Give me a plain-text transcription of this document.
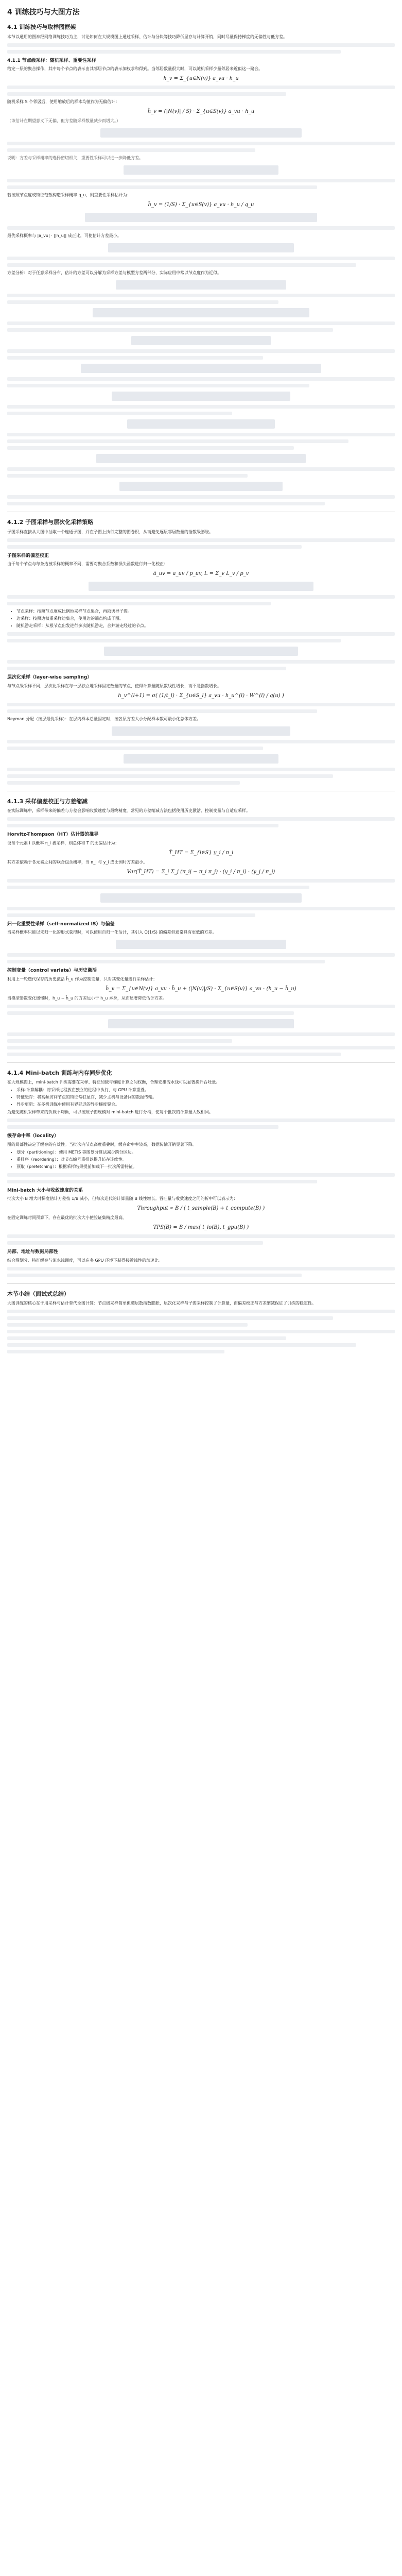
4 训练技巧与大图方法
4.1 训练技巧与取样图框架

本节以通用的图神经网络训练技巧为主，讨论如何在大规模图上通过采样、估计与分块等技巧降低显存与计算开销，同时尽量保持梯度的无偏性与低方差。

4.1.1 节点级采样：随机采样、重要性采样

给定一层的聚合操作，其中每个节点的表示由其邻居节点的表示加权求和得到。当邻居数量很大时，可以随机采样少量邻居来近似这一聚合。

h_v = Σ_{u∈N(v)} a_vu · h_u

随机采样 S 个邻居后，使用缩放后的样本均值作为无偏估计：

ĥ_v = (|N(v)| / S) · Σ_{u∈S(v)} a_vu · h_u

（该估计在期望意义下无偏，但方差随采样数量减少而增大。）

说明：方差与采样概率的选择密切相关，重要性采样可以进一步降低方差。

若按照节点度或特征范数构造采样概率 q_u，则重要性采样估计为：

ĥ_v = (1/S) · Σ_{u∈S(v)} a_vu · h_u / q_u

最优采样概率与 |a_vu| · ||h_u|| 成正比，可使估计方差最小。

方差分析：对于任意采样分布，估计的方差可以分解为采样方差与模型方差两部分，实际应用中常以节点度作为近似。

4.1.2 子图采样与层次化采样策略

子图采样直接从大图中抽取一个连通子图，并在子图上执行完整的图卷积，从而避免逐层邻居数量的指数级膨胀。

子图采样的偏差校正

由于每个节点与每条边被采样的概率不同，需要对聚合系数和损失函数进行归一化校正：

ã_uv = a_uv / p_uv, L = Σ_v L_v / p_v
• 节点采样：按照节点度成比例地采样节点集合，再取诱导子图。
• 边采样：按照边权重采样边集合，使用边的端点构成子图。
• 随机游走采样：从根节点出发进行多次随机游走，合并游走经过的节点。
层次化采样（layer-wise sampling）

与节点级采样不同，层次化采样在每一层独立地采样固定数量的节点，使得计算量随层数线性增长，而不是指数增长。

h_v^(l+1) = σ( (1/t_l) · Σ_{u∈S_l} a_vu · h_u^(l) · W^(l) / q(u) )

Neyman 分配（按层最优采样）：在层内样本总量固定时，按各层方差大小分配样本数可最小化总体方差。

4.1.3 采样偏差校正与方差缩减

在实际训练中，采样带来的偏差与方差会影响收敛速度与最终精度。常见的方差缩减方法包括使用历史激活、控制变量与自适应采样。

Horvitz-Thompson（HT）估计器的推导

设每个元素 i 以概率 π_i 被采样，则总体和 T 的无偏估计为：

T̂_HT = Σ_{i∈S} y_i / π_i

其方差依赖于各元素之间的联合包含概率，当 π_i 与 y_i 成比例时方差最小。

Var(T̂_HT) = Σ_i Σ_j (π_ij − π_i π_j) · (y_i / π_i) · (y_j / π_j)
归一化重要性采样（self-normalized IS）与偏差

当采样概率只能以未归一化的形式获得时，可以使用自归一化估计，其引入 O(1/S) 的偏差但通常具有更低的方差。

控制变量（control variate）与历史激活

利用上一轮迭代保存的历史激活 h̄_u 作为控制变量，只对其变化量进行采样估计：

ĥ_v = Σ_{u∈N(v)} a_vu · h̄_u + (|N(v)|/S) · Σ_{u∈S(v)} a_vu · (h_u − h̄_u)

当模型参数变化缓慢时，h_u − h̄_u 的方差远小于 h_u 本身，从而显著降低估计方差。

4.1.4 Mini-batch 训练与内存同步优化

在大规模图上，mini-batch 训练需要在采样、特征加载与梯度计算之间权衡，合理安排流水线可以显著提升吞吐量。

• 采样-计算解耦：将采样过程放在独立的进程中执行，与 GPU 计算重叠。
• 特征缓存：将高频访问节点的特征常驻显存，减少主机与设备间的数据传输。
• 异步更新：在多机训练中使用有界延迟的异步梯度聚合。

为避免随机采样带来的负载不均衡，可以按照子图规模对 mini-batch 进行分桶，使每个批次的计算量大致相同。

缓存命中率（locality）

图的局部性决定了缓存的有效性。当批次内节点高度重叠时，缓存命中率较高，数据传输开销显著下降。

• 划分（partitioning）：使用 METIS 等图划分算法减少跨分区边。
• 重排序（reordering）：对节点编号重排以提升访存连续性。
• 预取（prefetching）：根据采样结果提前加载下一批次所需特征。
Mini-batch 大小与收敛速度的关系

批次大小 B 增大时梯度估计方差按 1/B 减小，但每次迭代的计算量随 B 线性增长。吞吐量与收敛速度之间的折中可以表示为：

Throughput ∝ B / ( t_sample(B) + t_compute(B) )

在固定训练时间预算下，存在最优的批次大小使验证集精度最高。

TPS(B) = B / max( t_io(B), t_gpu(B) )
局部、地址与数据局部性

结合图划分、特征缓存与流水线调度，可以在多 GPU 环境下获得接近线性的加速比。

本节小结（面试式总结）

大图训练的核心在于用采样与估计替代全图计算：节点级采样简单但随层数指数膨胀，层次化采样与子图采样控制了计算量，而偏差校正与方差缩减保证了训练的稳定性。
